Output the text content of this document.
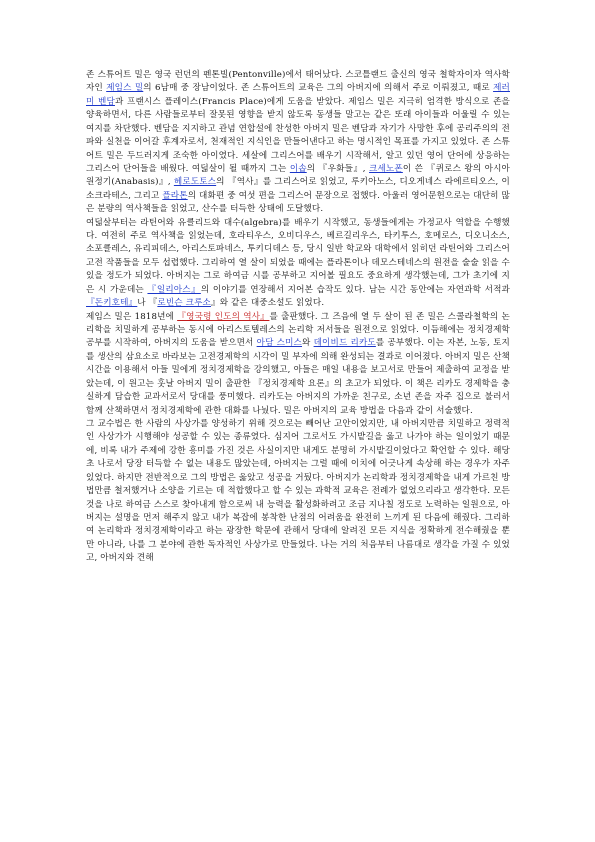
존 스튜어트 밀은 영국 런던의 펜톤빌(Pentonville)에서 태어났다. 스코틀랜드 출신의 영국 철학자이자 역사학자인 제임스 밀의 6남매 중 장남이었다. 존 스튜어트의 교육은 그의 아버지에 의해서 주로 이뤄졌고, 때로 제러미 벤담과 프랜시스 플레이스(Francis Place)에게 도움을 받았다. 제임스 밀은 지극히 엄격한 방식으로 존을 양육하면서, 다른 사람들로부터 잘못된 영향을 받지 않도록 동생들 말고는 같은 또래 아이들과 어울릴 수 있는 여지를 차단했다. 벤담을 지지하고 관념 연합설에 찬성한 아버지 밀은 벤담과 자기가 사망한 후에 공리주의의 전파와 실천을 이어갈 후계자로서, 천재적인 지식인을 만들어낸다고 하는 명시적인 목표를 가지고 있었다. 존 스튜어트 밀은 두드러지게 조숙한 아이였다. 세살에 그리스어를 배우기 시작해서, 알고 있던 영어 단어에 상응하는 그리스어 단어들을 배웠다. 여덟살이 될 때까지 그는 이솝의 『우화들』, 크세노폰이 쓴 『퀴로스 왕의 아시아 원정기(Anabasis)』, 헤로도토스의 『역사』를 그리스어로 읽었고, 루키아노스, 디오게네스 라에르티오스, 이소크라테스, 그리고 플라톤의 대화편 중 여섯 편을 그리스어 문장으로 접했다. 아울러 영어문헌으로는 대단히 많은 분량의 역사책들을 읽었고, 산수를 터득한 상태에 도달했다.

여덟살부터는 라틴어와 유클리드와 대수(algebra)를 배우기 시작했고, 동생들에게는 가정교사 역할을 수행했다. 여전히 주로 역사책을 읽었는데, 호라티우스, 오비디우스, 베르길리우스, 타키투스, 호메로스, 디오니소스, 소포클레스, 유리피데스, 아리스토파네스, 투키디데스 등, 당시 일반 학교와 대학에서 읽히던 라틴어와 그리스어 고전 작품들을 모두 섭렵했다. 그리하여 열 살이 되었을 때에는 플라톤이나 데모스테네스의 원전을 술술 읽을 수 있을 정도가 되었다. 아버지는 그로 하여금 시를 공부하고 지어볼 필요도 중요하게 생각했는데, 그가 초기에 지은 시 가운데는 『일리아스』의 이야기를 연장해서 지어본 습작도 있다. 남는 시간 동안에는 자연과학 서적과 『돈키호테』나 『로빈슨 크루소』와 같은 대중소설도 읽었다.

제임스 밀은 1818년에 『영국령 인도의 역사』를 출판했다. 그 즈음에 열 두 살이 된 존 밀은 스콜라철학의 논리학을 치밀하게 공부하는 동시에 아리스토텔레스의 논리학 저서들을 원전으로 읽었다. 이듬해에는 정치경제학 공부를 시작하여, 아버지의 도움을 받으면서 아담 스미스와 데이비드 리카도를 공부했다. 이는 자본, 노동, 토지를 생산의 삼요소로 바라보는 고전경제학의 시각이 밀 부자에 의해 완성되는 결과로 이어졌다. 아버지 밀은 산책시간을 이용해서 아들 밀에게 정치경제학을 강의했고, 아들은 매일 내용을 보고서로 만들어 제출하여 교정을 받았는데, 이 원고는 훗날 아버지 밀이 출판한 『정치경제학 요론』의 초고가 되었다. 이 책은 리카도 경제학을 충실하게 담습한 교과서로서 당대를 풍미했다. 리카도는 아버지의 가까운 친구로, 소년 존을 자주 집으로 불러서 함께 산책하면서 정치경제학에 관한 대화를 나눴다. 밀은 아버지의 교육 방법을 다음과 같이 서술했다.

그 교수법은 한 사람의 사상가를 양성하기 위해 것으로는 빼어난 고안이었지만, 내 아버지만큼 치밀하고 정력적인 사상가가 시행해야 성공할 수 있는 종류였다. 심지어 그로서도 가시밭길을 옳고 나가야 하는 일이었기 때문에, 비록 내가 주제에 강한 흥미를 가진 것은 사실이지만 내게도 분명히 가시밭길이었다고 확언할 수 있다. 해당초 나로서 당장 터득할 수 없는 내용도 많았는데, 아버지는 그럴 때에 이치에 어긋나게 속상해 하는 경우가 자주 있었다. 하지만 전반적으로 그의 방법은 옳았고 성공을 거뒀다. 아버지가 논리학과 정치경제학을 내게 가르친 방법만큼 철저했거나 소양을 기르는 데 적합했다고 할 수 있는 과학적 교육은 전례가 없었으리라고 생각한다. 모든 것을 나로 하여금 스스로 찾아내게 함으로써 내 능력을 활성화하려고 조금 지나칠 정도로 노력하는 일원으로, 아버지는 설명을 먼저 해주지 않고 내가 복잡에 봉착한 난점의 어려움을 완전히 느끼게 된 다음에 해줬다. 그리하여 논리학과 정치경제학이라고 하는 광장한 학문에 관해서 당대에 알려진 모든 지식을 정확하게 전수해줬을 뿐만 아니라, 나를 그 분야에 관한 독자적인 사상가로 만들었다. 나는 거의 처음부터 나름대로 생각을 가질 수 있었고, 아버지와 견해
